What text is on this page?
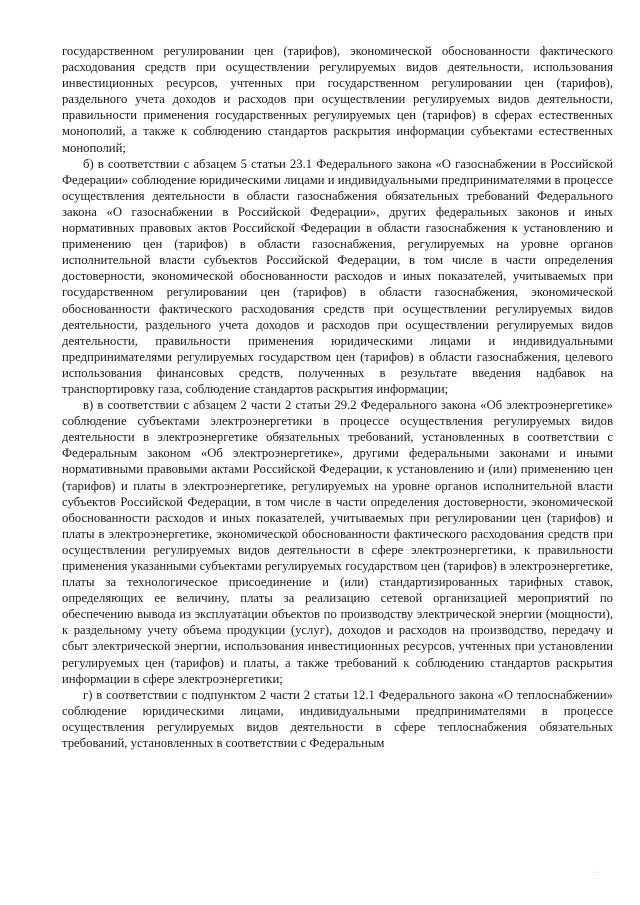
государственном регулировании цен (тарифов), экономической обоснованности фактического расходования средств при осуществлении регулируемых видов деятельности, использования инвестиционных ресурсов, учтенных при государственном регулировании цен (тарифов), раздельного учета доходов и расходов при осуществлении регулируемых видов деятельности, правильности применения государственных регулируемых цен (тарифов) в сферах естественных монополий, а также к соблюдению стандартов раскрытия информации субъектами естественных монополий;

б) в соответствии с абзацем 5 статьи 23.1 Федерального закона «О газоснабжении в Российской Федерации» соблюдение юридическими лицами и индивидуальными предпринимателями в процессе осуществления деятельности в области газоснабжения обязательных требований Федерального закона «О газоснабжении в Российской Федерации», других федеральных законов и иных нормативных правовых актов Российской Федерации в области газоснабжения к установлению и применению цен (тарифов) в области газоснабжения, регулируемых на уровне органов исполнительной власти субъектов Российской Федерации, в том числе в части определения достоверности, экономической обоснованности расходов и иных показателей, учитываемых при государственном регулировании цен (тарифов) в области газоснабжения, экономической обоснованности фактического расходования средств при осуществлении регулируемых видов деятельности, раздельного учета доходов и расходов при осуществлении регулируемых видов деятельности, правильности применения юридическими лицами и индивидуальными предпринимателями регулируемых государством цен (тарифов) в области газоснабжения, целевого использования финансовых средств, полученных в результате введения надбавок на транспортировку газа, соблюдение стандартов раскрытия информации;

в) в соответствии с абзацем 2 части 2 статьи 29.2 Федерального закона «Об электроэнергетике» соблюдение субъектами электроэнергетики в процессе осуществления регулируемых видов деятельности в электроэнергетике обязательных требований, установленных в соответствии с Федеральным законом «Об электроэнергетике», другими федеральными законами и иными нормативными правовыми актами Российской Федерации, к установлению и (или) применению цен (тарифов) и платы в электроэнергетике, регулируемых на уровне органов исполнительной власти субъектов Российской Федерации, в том числе в части определения достоверности, экономической обоснованности расходов и иных показателей, учитываемых при регулировании цен (тарифов) и платы в электроэнергетике, экономической обоснованности фактического расходования средств при осуществлении регулируемых видов деятельности в сфере электроэнергетики, к правильности применения указанными субъектами регулируемых государством цен (тарифов) в электроэнергетике, платы за технологическое присоединение и (или) стандартизированных тарифных ставок, определяющих ее величину, платы за реализацию сетевой организацией мероприятий по обеспечению вывода из эксплуатации объектов по производству электрической энергии (мощности), к раздельному учету объема продукции (услуг), доходов и расходов на производство, передачу и сбыт электрической энергии, использования инвестиционных ресурсов, учтенных при установлении регулируемых цен (тарифов) и платы, а также требований к соблюдению стандартов раскрытия информации в сфере электроэнергетики;

г) в соответствии с подпунктом 2 части 2 статьи 12.1 Федерального закона «О теплоснабжении» соблюдение юридическими лицами, индивидуальными предпринимателями в процессе осуществления регулируемых видов деятельности в сфере теплоснабжения обязательных требований, установленных в соответствии с Федеральным

·:·
